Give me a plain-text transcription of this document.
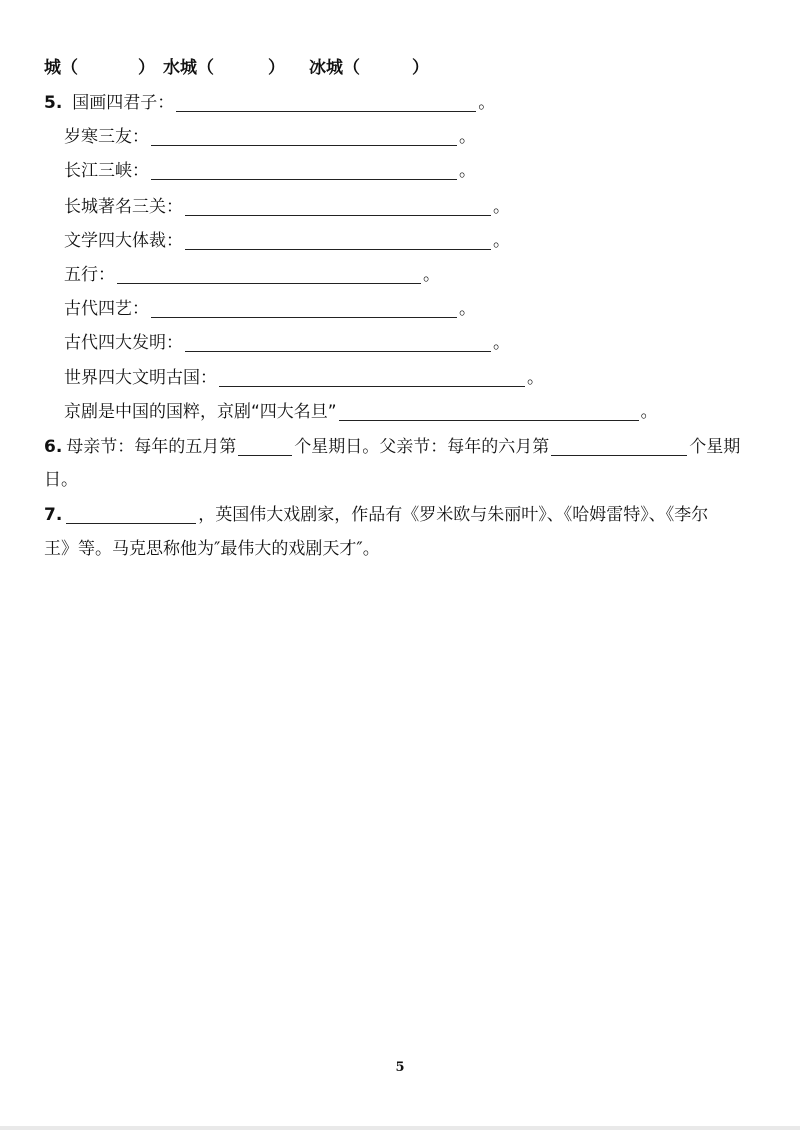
城（	） 水城（	） 冰城（	）
5. 国画四君子：	。
岁寒三友：	。
长江三峡：	。
长城著名三关：	。
文学四大体裁：	。
五行：	。
古代四艺：	。
古代四大发明：	。
世界四大文明古国：	。
京剧是中国的国粹，京剧“四大名旦”	。
6. 母亲节：每年的五月第	个星期日。父亲节：每年的六月第	个星期
日。
7.	，英国伟大戏剧家，作品有《罗米欧与朱丽叶》、《哈姆雷特》、《李尔
王》等。马克思称他为″最伟大的戏剧天才″。
5
